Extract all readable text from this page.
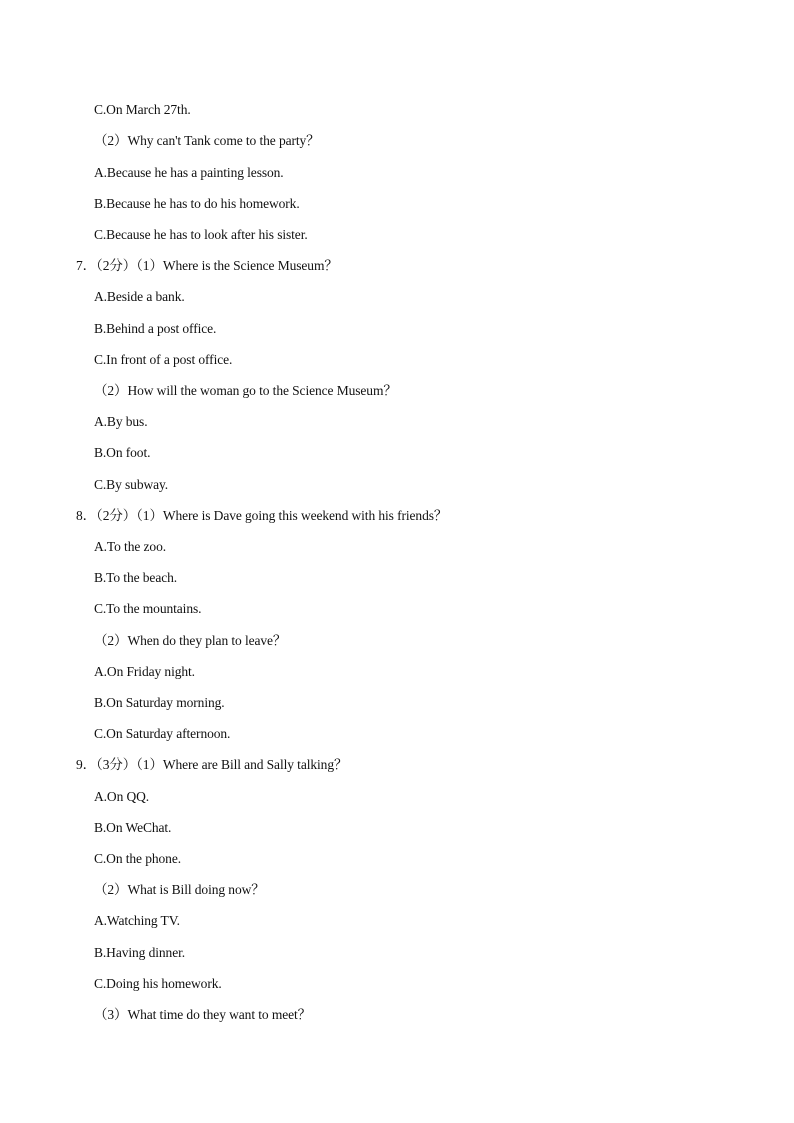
C.On March 27th.
（2）Why can't Tank come to the party？
A.Because he has a painting lesson.
B.Because he has to do his homework.
C.Because he has to look after his sister.
7．（2分）（1）Where is the Science Museum？
A.Beside a bank.
B.Behind a post office.
C.In front of a post office.
（2）How will the woman go to the Science Museum？
A.By bus.
B.On foot.
C.By subway.
8．（2分）（1）Where is Dave going this weekend with his friends？
A.To the zoo.
B.To the beach.
C.To the mountains.
（2）When do they plan to leave？
A.On Friday night.
B.On Saturday morning.
C.On Saturday afternoon.
9．（3分）（1）Where are Bill and Sally talking？
A.On QQ.
B.On WeChat.
C.On the phone.
（2）What is Bill doing now？
A.Watching TV.
B.Having dinner.
C.Doing his homework.
（3）What time do they want to meet？
